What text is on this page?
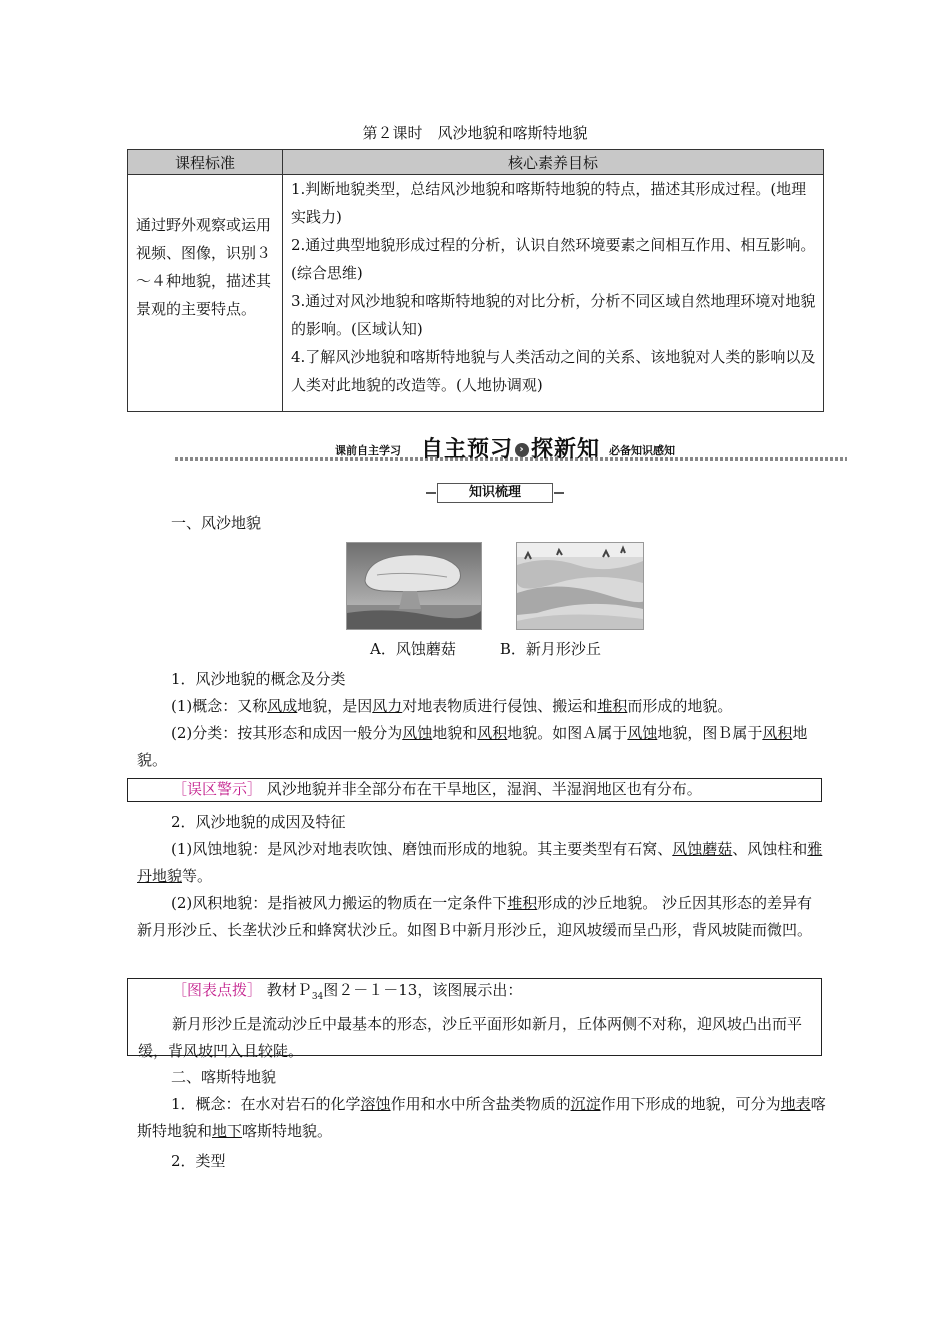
第２课时　风沙地貌和喀斯特地貌
课程标准	核心素养目标
通过野外观察或运用视频、图像，识别３～４种地貌，描述其景观的主要特点。	1.判断地貌类型，总结风沙地貌和喀斯特地貌的特点，描述其形成过程。(地理实践力)
2.通过典型地貌形成过程的分析，认识自然环境要素之间相互作用、相互影响。(综合思维)
3.通过对风沙地貌和喀斯特地貌的对比分析，分析不同区域自然地理环境对地貌的影响。(区域认知)
4.了解风沙地貌和喀斯特地貌与人类活动之间的关系、该地貌对人类的影响以及人类对此地貌的改造等。(人地协调观)
课前自主学习 自主预习 › 探新知 必备知识感知
知识梳理
一、风沙地貌
A．风蚀蘑菇	B．新月形沙丘
1．风沙地貌的概念及分类
(1)概念：又称风成地貌，是因风力对地表物质进行侵蚀、搬运和堆积而形成的地貌。
(2)分类：按其形态和成因一般分为风蚀地貌和风积地貌。如图Ａ属于风蚀地貌，图Ｂ属于风积地貌。
［误区警示］ 风沙地貌并非全部分布在干旱地区，湿润、半湿润地区也有分布。
2．风沙地貌的成因及特征
(1)风蚀地貌：是风沙对地表吹蚀、磨蚀而形成的地貌。其主要类型有石窝、风蚀蘑菇、风蚀柱和雅丹地貌等。
(2)风积地貌：是指被风力搬运的物质在一定条件下堆积形成的沙丘地貌。 沙丘因其形态的差异有新月形沙丘、长垄状沙丘和蜂窝状沙丘。如图Ｂ中新月形沙丘，迎风坡缓而呈凸形，背风坡陡而微凹。
［图表点拨］ 教材Ｐ$_{34}$图２－１－13，该图展示出：
新月形沙丘是流动沙丘中最基本的形态，沙丘平面形如新月，丘体两侧不对称，迎风坡凸出而平缓，背风坡凹入且较陡。
二、喀斯特地貌
1．概念：在水对岩石的化学溶蚀作用和水中所含盐类物质的沉淀作用下形成的地貌，可分为地表喀斯特地貌和地下喀斯特地貌。
2．类型
